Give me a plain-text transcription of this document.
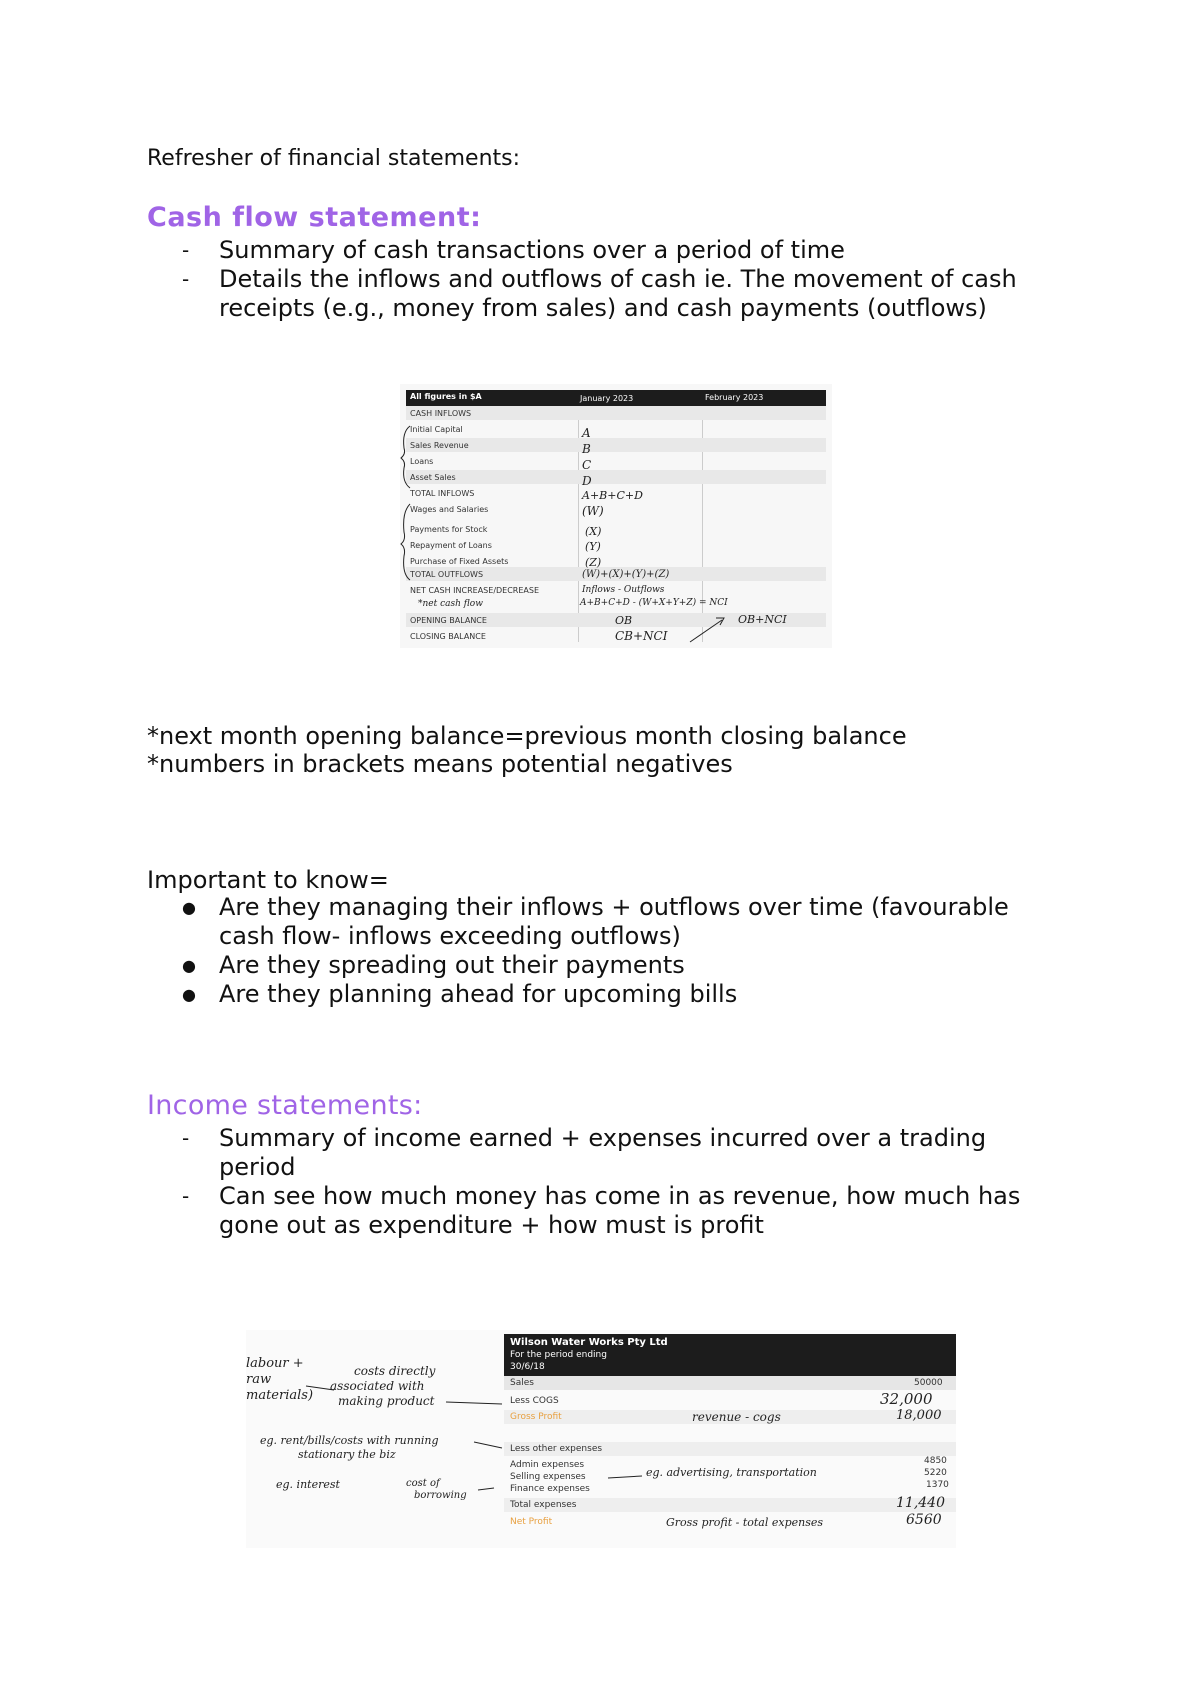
Refresher of financial statements:
Cash flow statement:
- Summary of cash transactions over a period of time
- Details the inflows and outflows of cash ie. The movement of cash
receipts (e.g., money from sales) and cash payments (outflows)
All figures in $A	January 2023	February 2023
CASH INFLOWS
Initial Capital	A
Sales Revenue	B
Loans	C
Asset Sales	D
TOTAL INFLOWS	A+B+C+D
Wages and Salaries	(W)
Payments for Stock	(X)
Repayment of Loans	(Y)
Purchase of Fixed Assets	(Z)
TOTAL OUTFLOWS	(W)+(X)+(Y)+(Z)
NET CASH INCREASE/DECREASE	Inflows - Outflows
*net cash flow	A+B+C+D - (W+X+Y+Z) = NCI
OPENING BALANCE	OB	OB+NCI
CLOSING BALANCE	CB+NCI
*next month opening balance=previous month closing balance
*numbers in brackets means potential negatives
Important to know=
● Are they managing their inflows + outflows over time (favourable
cash flow- inflows exceeding outflows)
● Are they spreading out their payments
● Are they planning ahead for upcoming bills
Income statements:
- Summary of income earned + expenses incurred over a trading
period
- Can see how much money has come in as revenue, how much has
gone out as expenditure + how must is profit
labour +
raw
materials)
costs directly
associated with
making product
eg. rent/bills/costs with running
stationary the biz
eg. interest	cost of
borrowing
Wilson Water Works Pty Ltd
For the period ending
30/6/18
Sales	50000
Less COGS	32,000
Gross Profit	revenue - cogs	18,000
Less other expenses
Admin expenses	4850
Selling expenses	eg. advertising, transportation	5220
Finance expenses	1370
Total expenses	11,440
Net Profit	Gross profit - total expenses	6560
